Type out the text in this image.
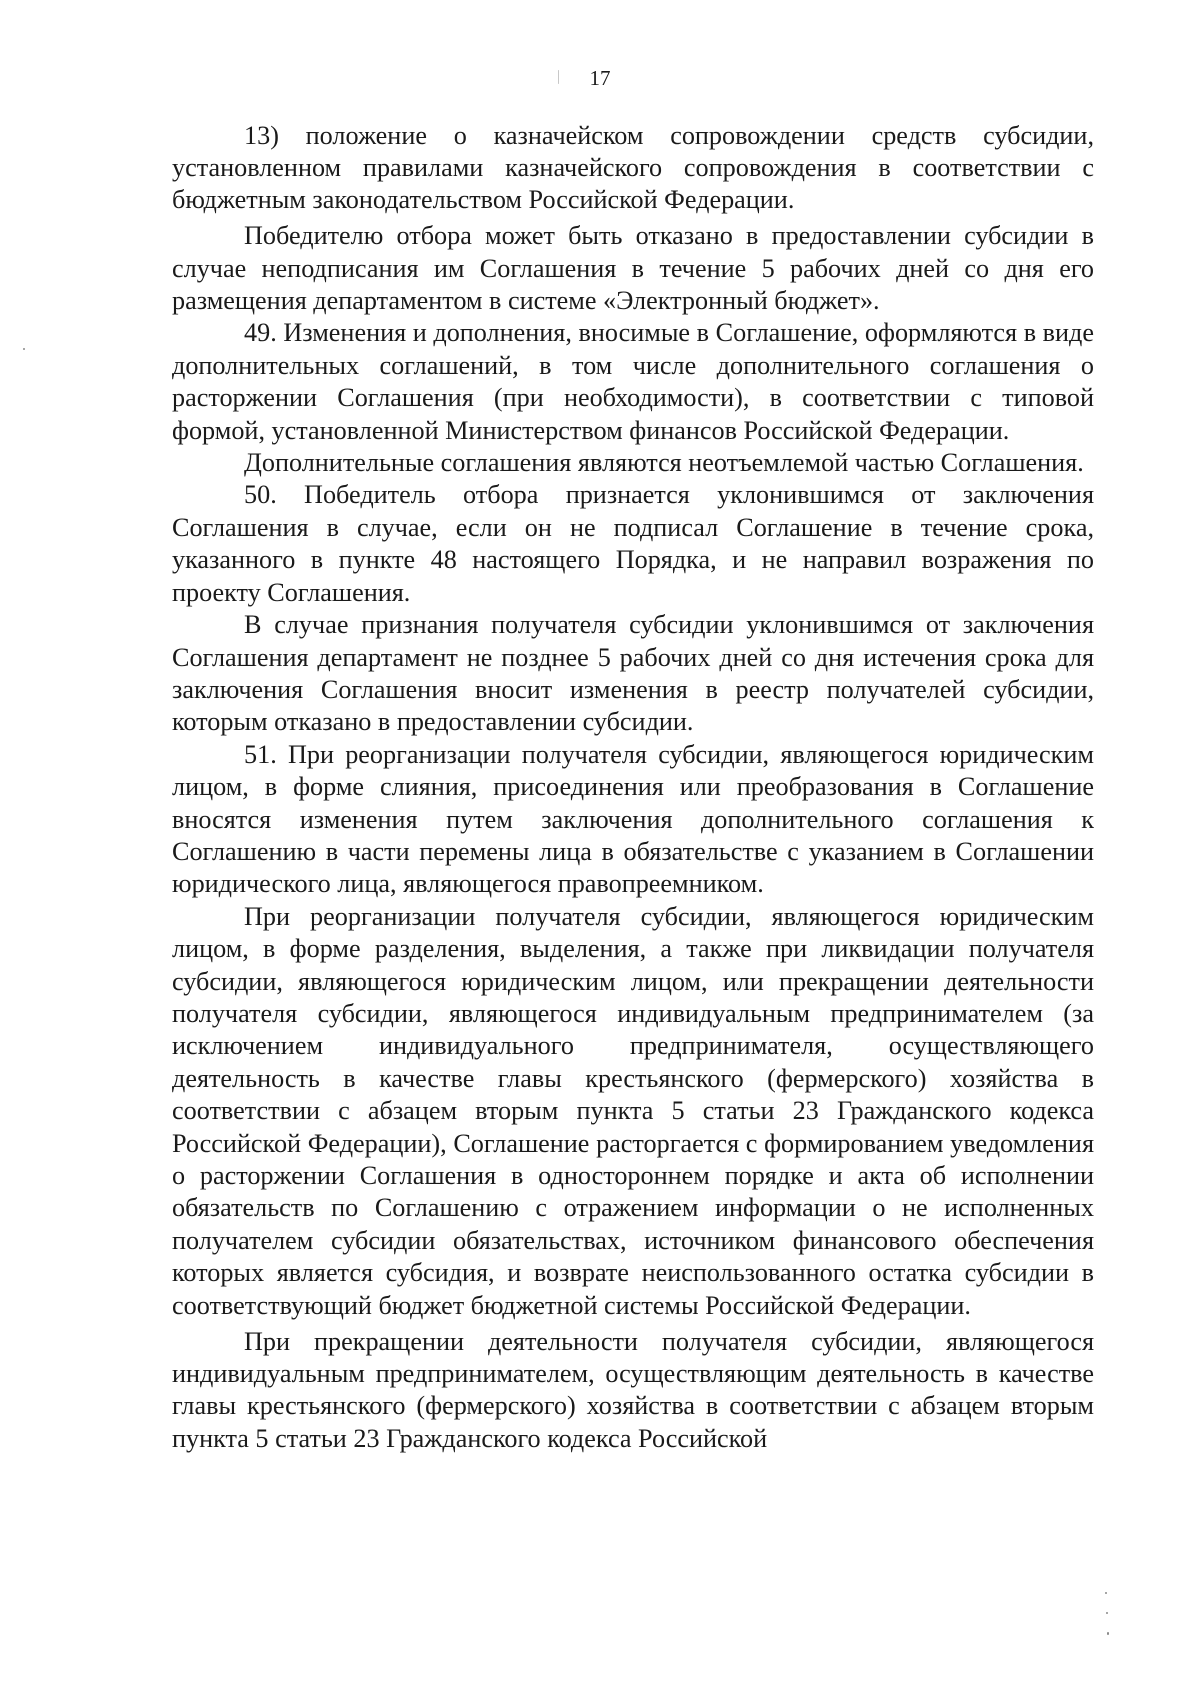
17

13) положение о казначейском сопровождении средств субсидии, установленном правилами казначейского сопровождения в соответствии с бюджетным законодательством Российской Федерации.

Победителю отбора может быть отказано в предоставлении субсидии в случае неподписания им Соглашения в течение 5 рабочих дней со дня его размещения департаментом в системе «Электронный бюджет».

49. Изменения и дополнения, вносимые в Соглашение, оформляются в виде дополнительных соглашений, в том числе дополнительного соглашения о расторжении Соглашения (при необходимости), в соответствии с типовой формой, установленной Министерством финансов Российской Федерации.

Дополнительные соглашения являются неотъемлемой частью Соглашения.

50. Победитель отбора признается уклонившимся от заключения Соглашения в случае, если он не подписал Соглашение в течение срока, указанного в пункте 48 настоящего Порядка, и не направил возражения по проекту Соглашения.

В случае признания получателя субсидии уклонившимся от заключения Соглашения департамент не позднее 5 рабочих дней со дня истечения срока для заключения Соглашения вносит изменения в реестр получателей субсидии, которым отказано в предоставлении субсидии.

51. При реорганизации получателя субсидии, являющегося юридическим лицом, в форме слияния, присоединения или преобразования в Соглашение вносятся изменения путем заключения дополнительного соглашения к Соглашению в части перемены лица в обязательстве с указанием в Соглашении юридического лица, являющегося правопреемником.

При реорганизации получателя субсидии, являющегося юридическим лицом, в форме разделения, выделения, а также при ликвидации получателя субсидии, являющегося юридическим лицом, или прекращении деятельности получателя субсидии, являющегося индивидуальным предпринимателем (за исключением индивидуального предпринимателя, осуществляющего деятельность в качестве главы крестьянского (фермерского) хозяйства в соответствии с абзацем вторым пункта 5 статьи 23 Гражданского кодекса Российской Федерации), Соглашение расторгается с формированием уведомления о расторжении Соглашения в одностороннем порядке и акта об исполнении обязательств по Соглашению с отражением информации о не исполненных получателем субсидии обязательствах, источником финансового обеспечения которых является субсидия, и возврате неиспользованного остатка субсидии в соответствующий бюджет бюджетной системы Российской Федерации.

При прекращении деятельности получателя субсидии, являющегося индивидуальным предпринимателем, осуществляющим деятельность в качестве главы крестьянского (фермерского) хозяйства в соответствии с абзацем вторым пункта 5 статьи 23 Гражданского кодекса Российской
